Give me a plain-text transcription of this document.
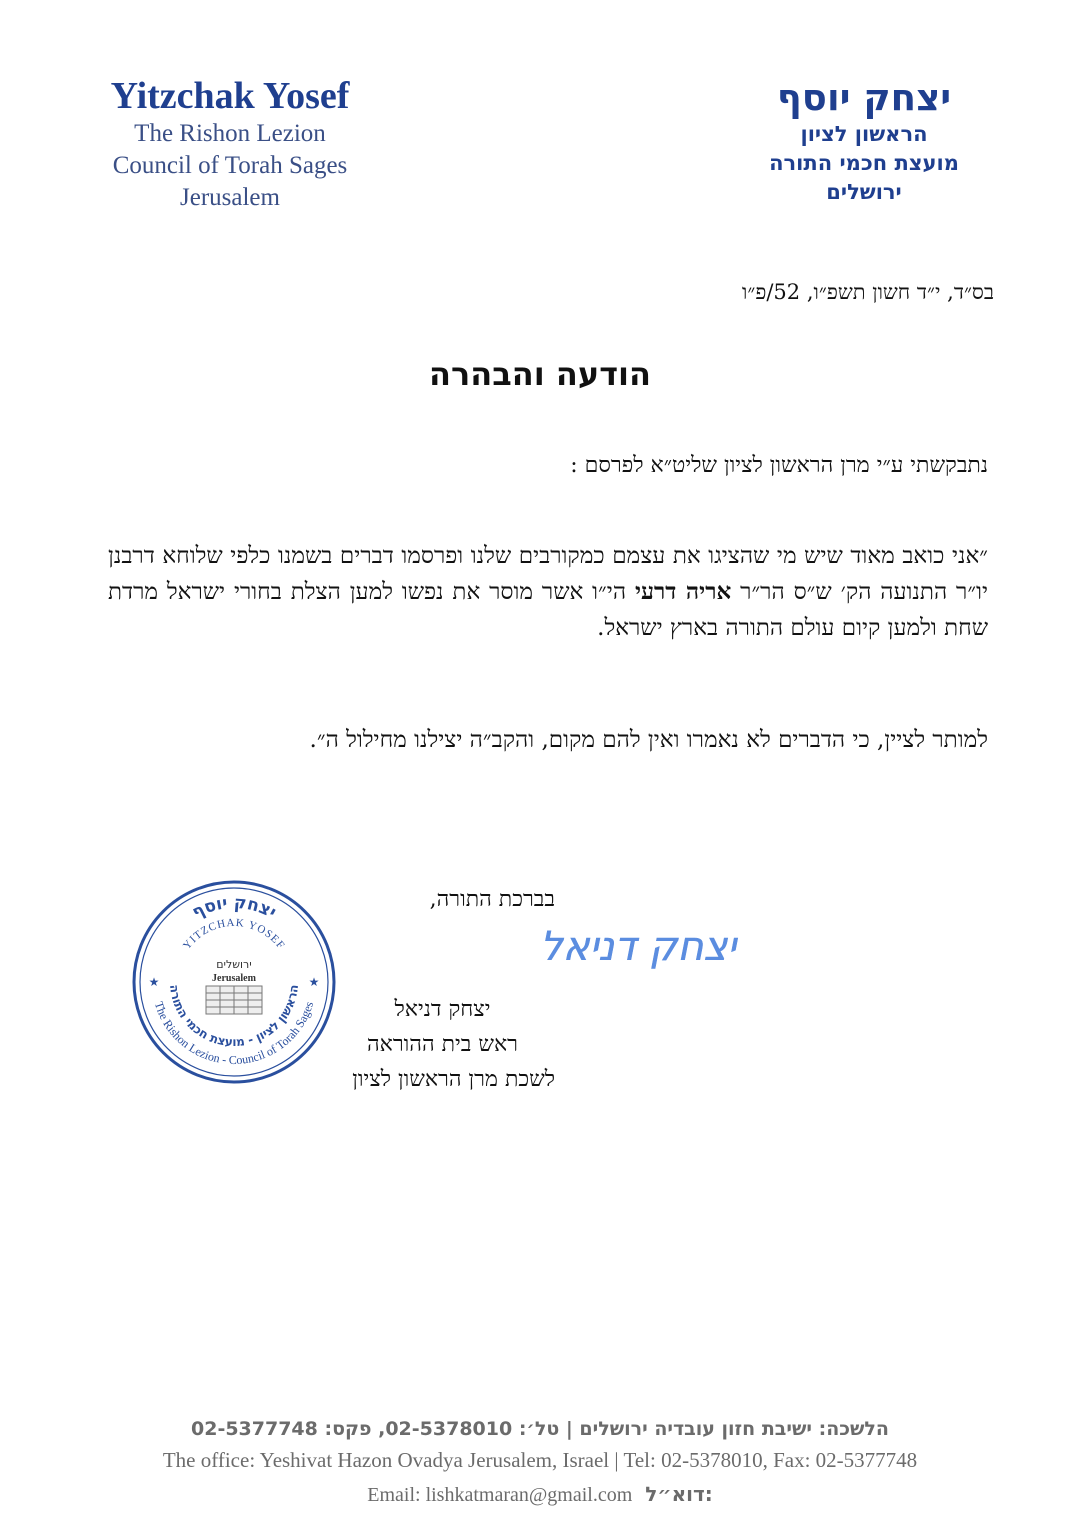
Yitzchak Yosef
The Rishon Lezion
Council of Torah Sages
Jerusalem
יצחק יוסף
הראשון לציון
מועצת חכמי התורה
ירושלים
בס״ד, י״ד חשון תשפ״ו, 52/פ״ו
הודעה והבהרה
נתבקשתי ע״י מרן הראשון לציון שליט״א לפרסם :
״אני כואב מאוד שיש מי שהציגו את עצמם כמקורבים שלנו ופרסמו דברים בשמנו כלפי שלוחא דרבנן יו״ר התנועה הק׳ ש״ס הר״ר אריה דרעי הי״ו אשר מוסר את נפשו למען הצלת בחורי ישראל מרדת שחת ולמען קיום עולם התורה בארץ ישראל.
למותר לציין, כי הדברים לא נאמרו ואין להם מקום, והקב״ה יצילנו מחילול ה״.
יצחק יוסף
YITZCHAK YOSEF
The Rishon Lezion - Council of Torah Sages
הראשון לציון - מועצת חכמי התורה
★	★
ירושלים
Jerusalem
יצחק דניאל
בברכת התורה,
יצחק דניאל
ראש בית ההוראה
לשכת מרן הראשון לציון
הלשכה: ישיבת חזון עובדיה ירושלים | טל׳: 02-5378010, פקס: 02-5377748
The office: Yeshivat Hazon Ovadya Jerusalem, Israel | Tel: 02-5378010, Fax: 02-5377748
Email: lishkatmaran@gmail.com דוא״ל:
